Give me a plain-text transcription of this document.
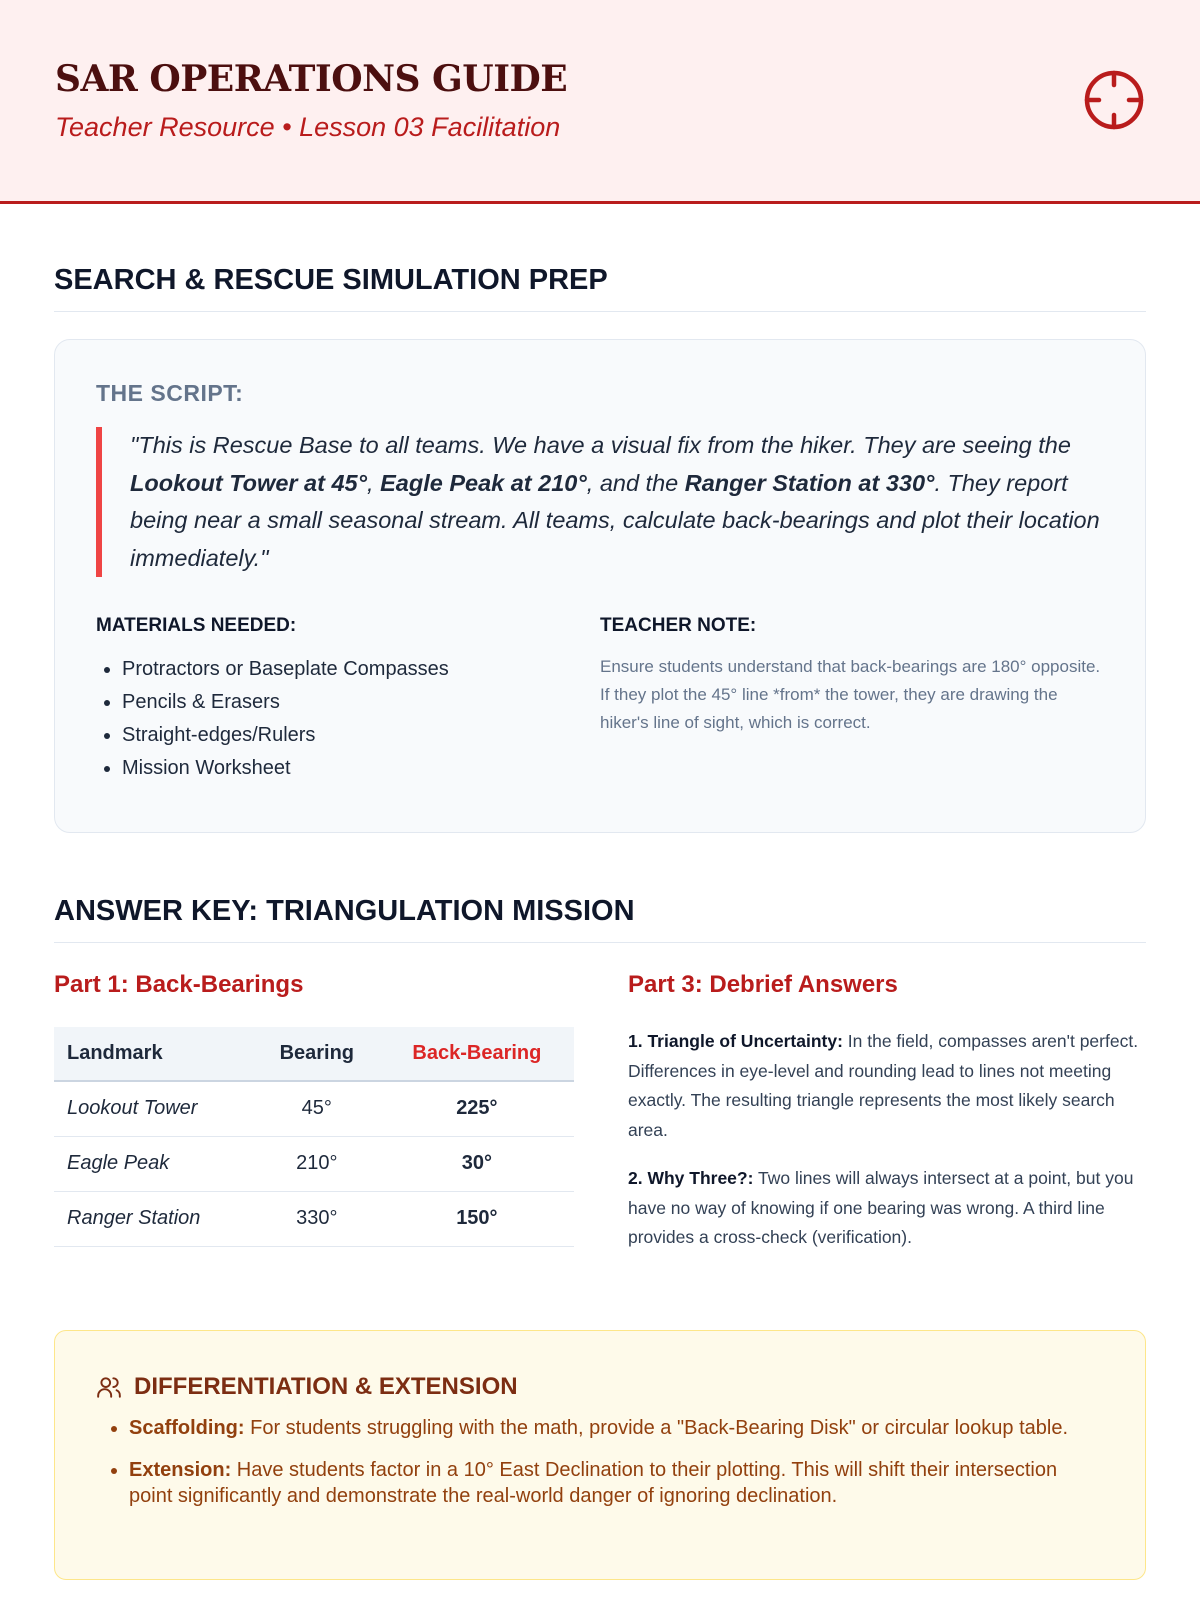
SAR OPERATIONS GUIDE
Teacher Resource • Lesson 03 Facilitation
SEARCH & RESCUE SIMULATION PREP
THE SCRIPT:
"This is Rescue Base to all teams. We have a visual fix from the hiker. They are seeing the Lookout Tower at 45°, Eagle Peak at 210°, and the Ranger Station at 330°. They report being near a small seasonal stream. All teams, calculate back-bearings and plot their location immediately."
MATERIALS NEEDED:
• Protractors or Baseplate Compasses
• Pencils & Erasers
• Straight-edges/Rulers
• Mission Worksheet
TEACHER NOTE:
Ensure students understand that back-bearings are 180° opposite. If they plot the 45° line *from* the tower, they are drawing the hiker's line of sight, which is correct.
ANSWER KEY: TRIANGULATION MISSION
Part 1: Back-Bearings
Landmark	Bearing	Back-Bearing
Lookout Tower	45°	225°
Eagle Peak	210°	30°
Ranger Station	330°	150°
Part 3: Debrief Answers

1. Triangle of Uncertainty: In the field, compasses aren't perfect. Differences in eye-level and rounding lead to lines not meeting exactly. The resulting triangle represents the most likely search area.

2. Why Three?: Two lines will always intersect at a point, but you have no way of knowing if one bearing was wrong. A third line provides a cross-check (verification).

DIFFERENTIATION & EXTENSION
• Scaffolding: For students struggling with the math, provide a "Back-Bearing Disk" or circular lookup table.
• Extension: Have students factor in a 10° East Declination to their plotting. This will shift their intersection point significantly and demonstrate the real-world danger of ignoring declination.
